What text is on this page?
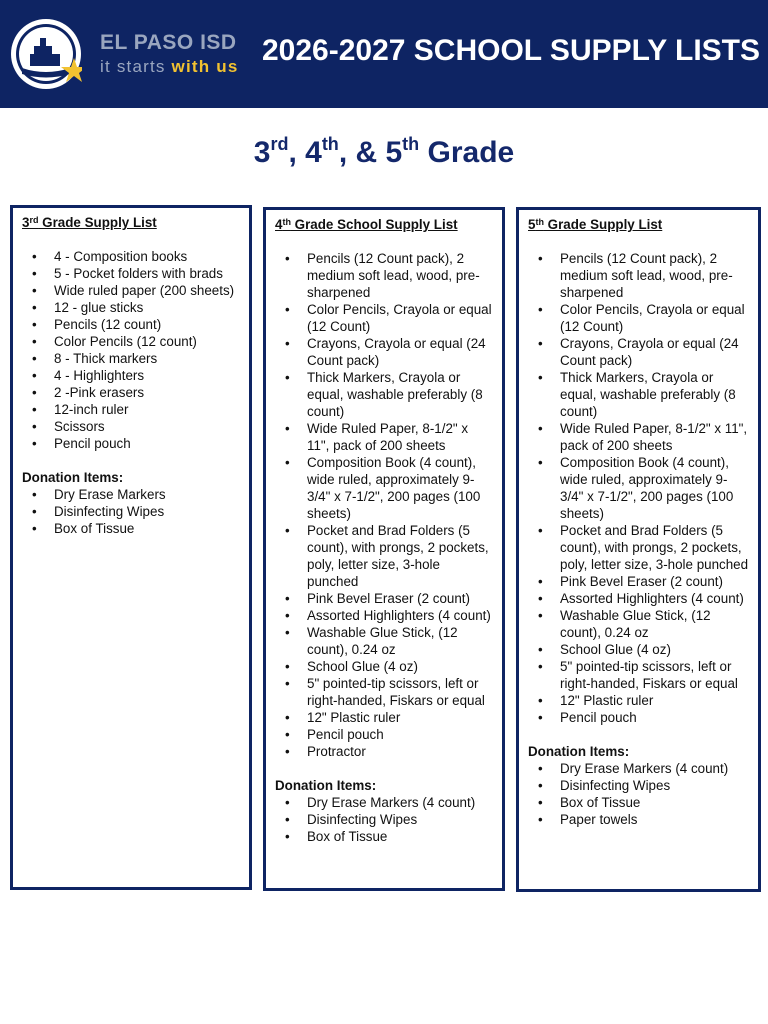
EL PASO ISD
it starts with us 2026-2027 SCHOOL SUPPLY LISTS
3rd, 4th, & 5th Grade
3rd Grade Supply List
• 4 - Composition books
• 5 - Pocket folders with brads
• Wide ruled paper (200 sheets)
• 12 - glue sticks
• Pencils (12 count)
• Color Pencils (12 count)
• 8 - Thick markers
• 4 - Highlighters
• 2 -Pink erasers
• 12-inch ruler
• Scissors
• Pencil pouch
Donation Items:
• Dry Erase Markers
• Disinfecting Wipes
• Box of Tissue
4th Grade School Supply List
• Pencils (12 Count pack), 2 medium soft lead, wood, pre-sharpened
• Color Pencils, Crayola or equal (12 Count)
• Crayons, Crayola or equal (24 Count pack)
• Thick Markers, Crayola or equal, washable preferably (8 count)
• Wide Ruled Paper, 8-1/2" x 11", pack of 200 sheets
• Composition Book (4 count), wide ruled, approximately 9-3/4" x 7-1/2", 200 pages (100 sheets)
• Pocket and Brad Folders (5 count), with prongs, 2 pockets, poly, letter size, 3-hole punched
• Pink Bevel Eraser (2 count)
• Assorted Highlighters (4 count)
• Washable Glue Stick, (12 count), 0.24 oz
• School Glue (4 oz)
• 5" pointed-tip scissors, left or right-handed, Fiskars or equal
• 12" Plastic ruler
• Pencil pouch
• Protractor
Donation Items:
• Dry Erase Markers (4 count)
• Disinfecting Wipes
• Box of Tissue
5th Grade Supply List
• Pencils (12 Count pack), 2 medium soft lead, wood, pre-sharpened
• Color Pencils, Crayola or equal (12 Count)
• Crayons, Crayola or equal (24 Count pack)
• Thick Markers, Crayola or equal, washable preferably (8 count)
• Wide Ruled Paper, 8-1/2" x 11", pack of 200 sheets
• Composition Book (4 count), wide ruled, approximately 9-3/4" x 7-1/2", 200 pages (100 sheets)
• Pocket and Brad Folders (5 count), with prongs, 2 pockets, poly, letter size, 3-hole punched
• Pink Bevel Eraser (2 count)
• Assorted Highlighters (4 count)
• Washable Glue Stick, (12 count), 0.24 oz
• School Glue (4 oz)
• 5" pointed-tip scissors, left or right-handed, Fiskars or equal
• 12" Plastic ruler
• Pencil pouch
Donation Items:
• Dry Erase Markers (4 count)
• Disinfecting Wipes
• Box of Tissue
• Paper towels
